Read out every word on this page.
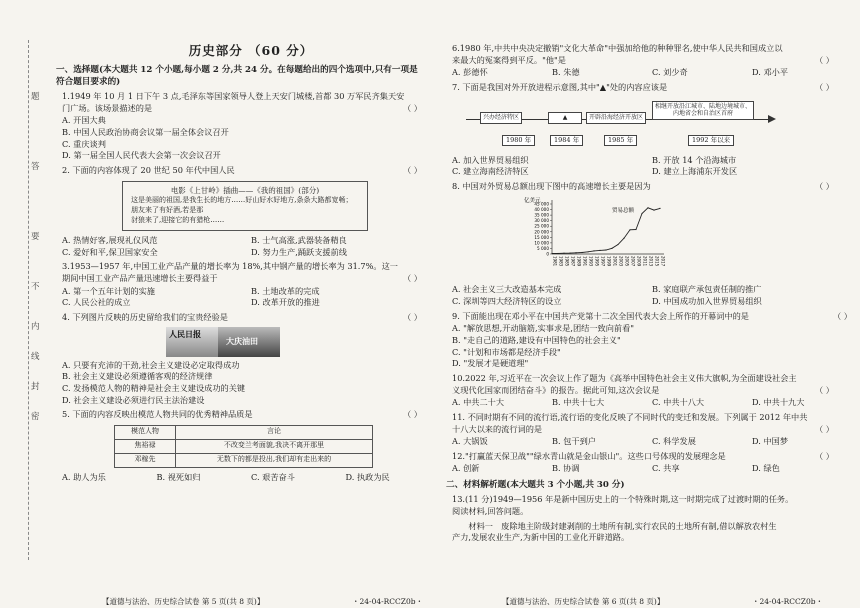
题
答
要
不
内
线
封
密
历史部分 （60 分）
一、选择题(本大题共 12 个小题,每小题 2 分,共 24 分。在每题给出的四个选项中,只有一项是
符合题目要求的)
1.1949 年 10 月 1 日下午 3 点,毛泽东等国家领导人登上天安门城楼,首都 30 万军民齐集天安
门广场。该场景描述的是	（ ）
A. 开国大典
B. 中国人民政治协商会议第一届全体会议召开
C. 重庆谈判
D. 第一届全国人民代表大会第一次会议召开
2. 下面的内容体现了 20 世纪 50 年代中国人民	（ ）
电影《上甘岭》插曲——《我的祖国》(部分)
这是美丽的祖国,是我生长的地方……好山好水好地方,条条大路都宽畅；朋友来了有好酒,若是那
豺狼来了,迎接它的有猎枪……
A. 热情好客,展现礼仪风范	B. 士气高涨,武器装备精良
C. 爱好和平,保卫国家安全	D. 努力生产,踊跃支援前线
3.1953—1957 年,中国工业产品产量的增长率为 18%,其中钢产量的增长率为 31.7%。这一
期间中国工业产品产量迅速增长主要得益于	（ ）
A. 第一个五年计划的实施	B. 土地改革的完成
C. 人民公社的成立	D. 改革开放的推进
4. 下列图片反映的历史留给我们的宝贵经验是	（ ）
人民日报
大庆油田
A. 只要有充沛的干劲,社会主义建设必定取得成功
B. 社会主义建设必须遵循客观的经济规律
C. 发扬模范人物的精神是社会主义建设成功的关键
D. 社会主义建设必须进行民主法治建设
5. 下面的内容反映出模范人物共同的优秀精神品质是	（ ）
模范人物	言论
焦裕禄	不改变兰考面貌,我决不离开那里
邓稼先	无数下的都是投出,我们却有走出来的
A. 助人为乐	B. 视死如归	C. 艰苦奋斗	D. 执政为民
【道德与法治、历史综合试卷 第 5 页(共 8 页)】	・24-04-RCCZ0b・
6.1980 年,中共中央决定撤销"文化大革命"中强加给他的种种罪名,使中华人民共和国成立以
来最大的冤案得到平反。"他"是	（ ）
A. 彭德怀	B. 朱德	C. 刘少奇	D. 邓小平
7. 下面是我国对外开放进程示意图,其中"▲"处的内容应该是	（ ）
兴办经济特区	▲	开辟沿海经济开放区
相继开放沿江城市、陆地边境城市、
内地省会和自治区首府
1980 年	1984 年	1985 年	1992 年以来
A. 加入世界贸易组织	B. 开放 14 个沿海城市
C. 建立海南经济特区	D. 建立上海浦东开发区
8. 中国对外贸易总额出现下图中的高速增长主要是因为	（ ）
亿美元
贸易总额
45 000
40 000
35 000
30 000
25 000
20 000
15 000
10 000
5 000
0
1981 1983 1985 1987 1989 1991 1993 1995 1997 1999 2001 2003 2005 2007 2009 2011 2013 2015 2017
A. 社会主义三大改造基本完成	B. 家庭联产承包责任制的推广
C. 深圳等四大经济特区的设立	D. 中国成功加入世界贸易组织
9. 下面能出现在邓小平在中国共产党第十二次全国代表大会上所作的开幕词中的是	（ ）
A. "解放思想,开动脑筋,实事求是,团结一致向前看"
B. "走自己的道路,建设有中国特色的社会主义"
C. "计划和市场都是经济手段"
D. "发展才是硬道理"
10.2022 年,习近平在一次会议上作了题为《高举中国特色社会主义伟大旗帜,为全面建设社会主
义现代化国家而团结奋斗》的报告。据此可知,这次会议是	（ ）
A. 中共二十大	B. 中共十七大	C. 中共十八大	D. 中共十九大
11. 不同时期有不同的流行语,流行语的变化反映了不同时代的变迁和发展。下列属于 2012 年中共
十八大以来的流行词的是	（ ）
A. 大锅饭	B. 包干到户	C. 科学发展	D. 中国梦
12."打赢蓝天保卫战""绿水青山就是金山银山"。这些口号体现的发展理念是	（ ）
A. 创新	B. 协调	C. 共享	D. 绿色
二、材料解析题(本大题共 3 个小题,共 30 分)
13.(11 分)1949—1956 年是新中国历史上的一个特殊时期,这一时期完成了过渡时期的任务。
阅读材料,回答问题。
材料一　废除地主阶级封建剥削的土地所有制,实行农民的土地所有制,借以解放农村生
产力,发展农业生产,为新中国的工业化开辟道路。
【道德与法治、历史综合试卷 第 6 页(共 8 页)】	・24-04-RCCZ0b・
